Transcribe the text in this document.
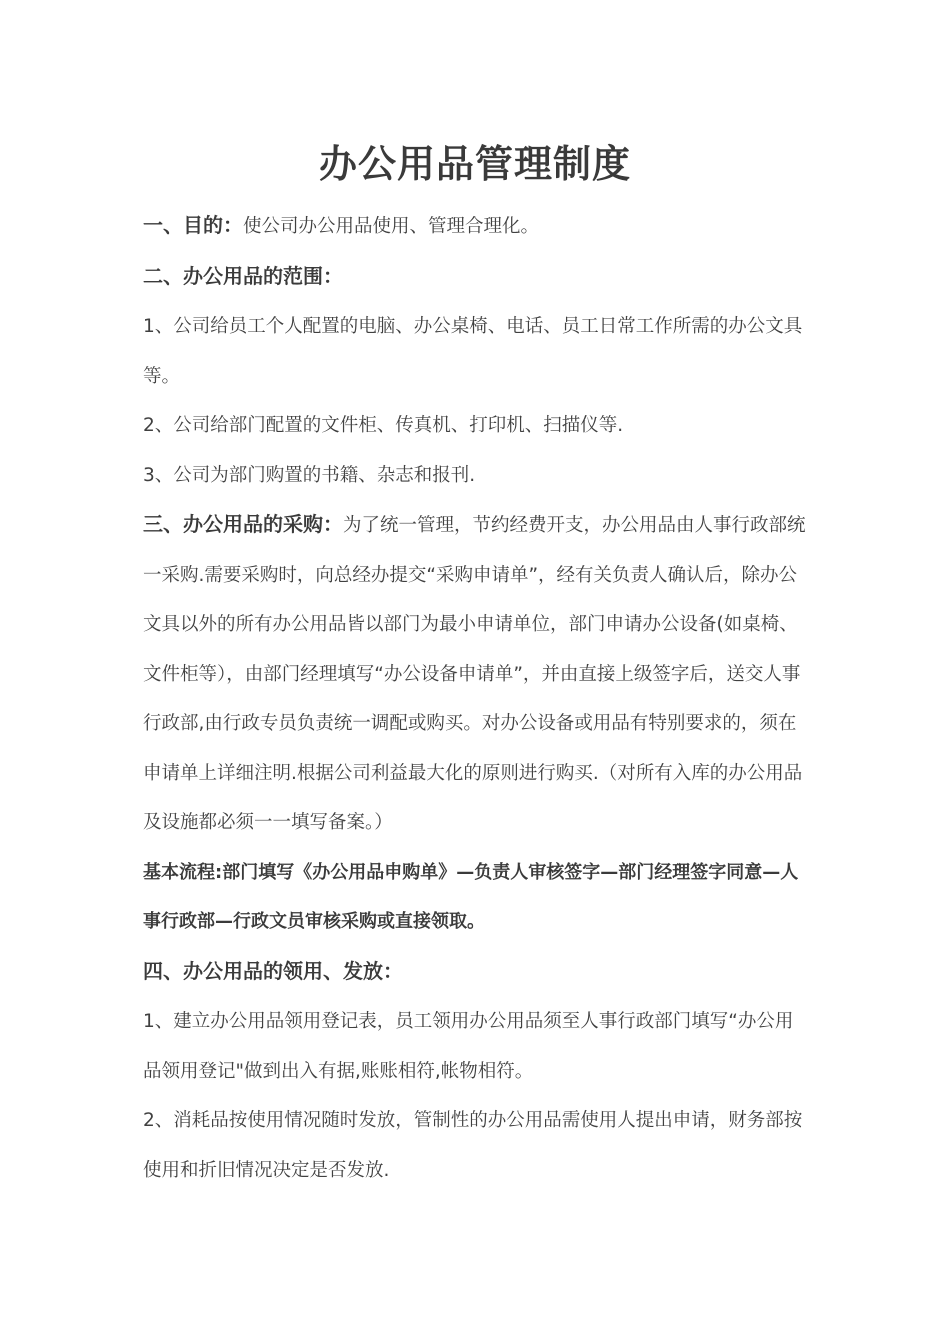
办公用品管理制度

一、目的：使公司办公用品使用、管理合理化。

二、办公用品的范围：

1、公司给员工个人配置的电脑、办公桌椅、电话、员工日常工作所需的办公文具等。

2、公司给部门配置的文件柜、传真机、打印机、扫描仪等.

3、公司为部门购置的书籍、杂志和报刊.

三、办公用品的采购：为了统一管理，节约经费开支，办公用品由人事行政部统一采购.需要采购时，向总经办提交“采购申请单”，经有关负责人确认后，除办公文具以外的所有办公用品皆以部门为最小申请单位，部门申请办公设备(如桌椅、文件柜等），由部门经理填写“办公设备申请单”，并由直接上级签字后，送交人事行政部,由行政专员负责统一调配或购买。对办公设备或用品有特别要求的，须在申请单上详细注明.根据公司利益最大化的原则进行购买.（对所有入库的办公用品及设施都必须一一填写备案。）

基本流程:部门填写《办公用品申购单》—负责人审核签字—部门经理签字同意—人事行政部—行政文员审核采购或直接领取。

四、办公用品的领用、发放：

1、建立办公用品领用登记表，员工领用办公用品须至人事行政部门填写“办公用品领用登记"做到出入有据,账账相符,帐物相符。

2、消耗品按使用情况随时发放，管制性的办公用品需使用人提出申请，财务部按使用和折旧情况决定是否发放.
